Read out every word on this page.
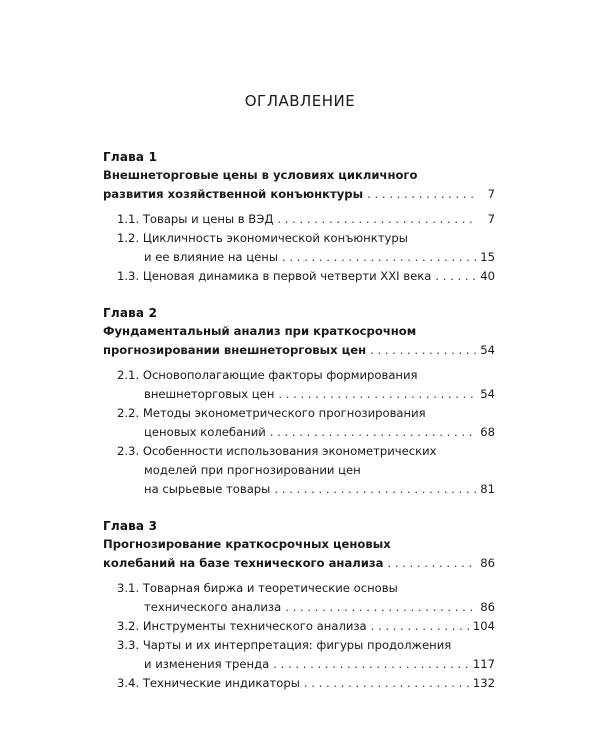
ОГЛАВЛЕНИЕ
Глава 1
Внешнеторговые цены в условиях цикличного
развития хозяйственной конъюнктуры . . .	7
1.1. Товары и цены в ВЭД . . .	7
1.2. Цикличность экономической конъюнктуры
и ее влияние на цены . . .	15
1.3. Ценовая динамика в первой четверти XXI века . . .	40
Глава 2
Фундаментальный анализ при краткосрочном
прогнозировании внешнеторговых цен . . .	54
2.1. Основополагающие факторы формирования
внешнеторговых цен . . .	54
2.2. Методы эконометрического прогнозирования
ценовых колебаний . . .	68
2.3. Особенности использования эконометрических
моделей при прогнозировании цен
на сырьевые товары . . .	81
Глава 3
Прогнозирование краткосрочных ценовых
колебаний на базе технического анализа . . .	86
3.1. Товарная биржа и теоретические основы
технического анализа . . .	86
3.2. Инструменты технического анализа . . .	104
3.3. Чарты и их интерпретация: фигуры продолжения
и изменения тренда . . .	117
3.4. Технические индикаторы . . .	132
